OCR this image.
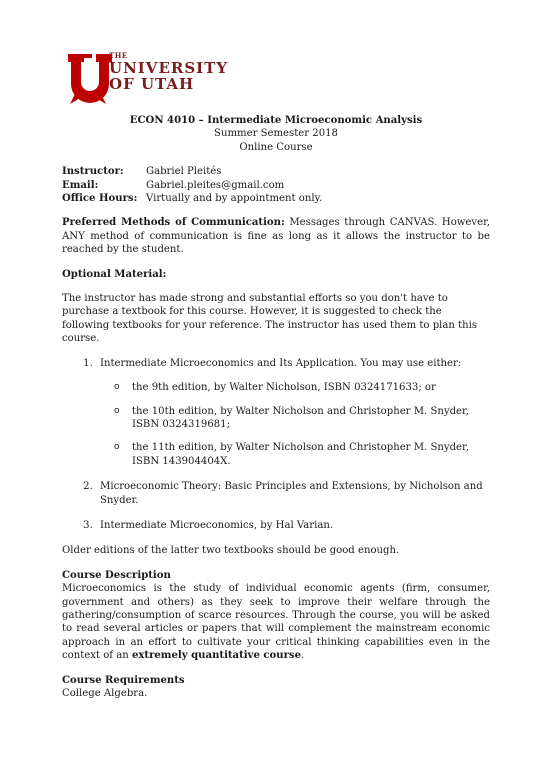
THE
UNIVERSITY
OF UTAH
ECON 4010 – Intermediate Microeconomic Analysis
Summer Semester 2018
Online Course
Instructor:	Gabriel Pleités
Email:	Gabriel.pleites@gmail.com
Office Hours: Virtually and by appointment only.

Preferred Methods of Communication: Messages through CANVAS. However, ANY method of communication is fine as long as it allows the instructor to be reached by the student.

Optional Material:

The instructor has made strong and substantial efforts so you don't have to purchase a textbook for this course. However, it is suggested to check the following textbooks for your reference. The instructor has used them to plan this course.

1. Intermediate Microeconomics and Its Application. You may use either:
o the 9th edition, by Walter Nicholson, ISBN 0324171633; or
o the 10th edition, by Walter Nicholson and Christopher M. Snyder, ISBN 0324319681;
o the 11th edition, by Walter Nicholson and Christopher M. Snyder, ISBN 143904404X.
2. Microeconomic Theory: Basic Principles and Extensions, by Nicholson and Snyder.
3. Intermediate Microeconomics, by Hal Varian.
Older editions of the latter two textbooks should be good enough.
Course Description
Microeconomics is the study of individual economic agents (firm, consumer, government and others) as they seek to improve their welfare through the gathering/consumption of scarce resources. Through the course, you will be asked to read several articles or papers that will complement the mainstream economic approach in an effort to cultivate your critical thinking capabilities even in the context of an extremely quantitative course.
Course Requirements
College Algebra.
